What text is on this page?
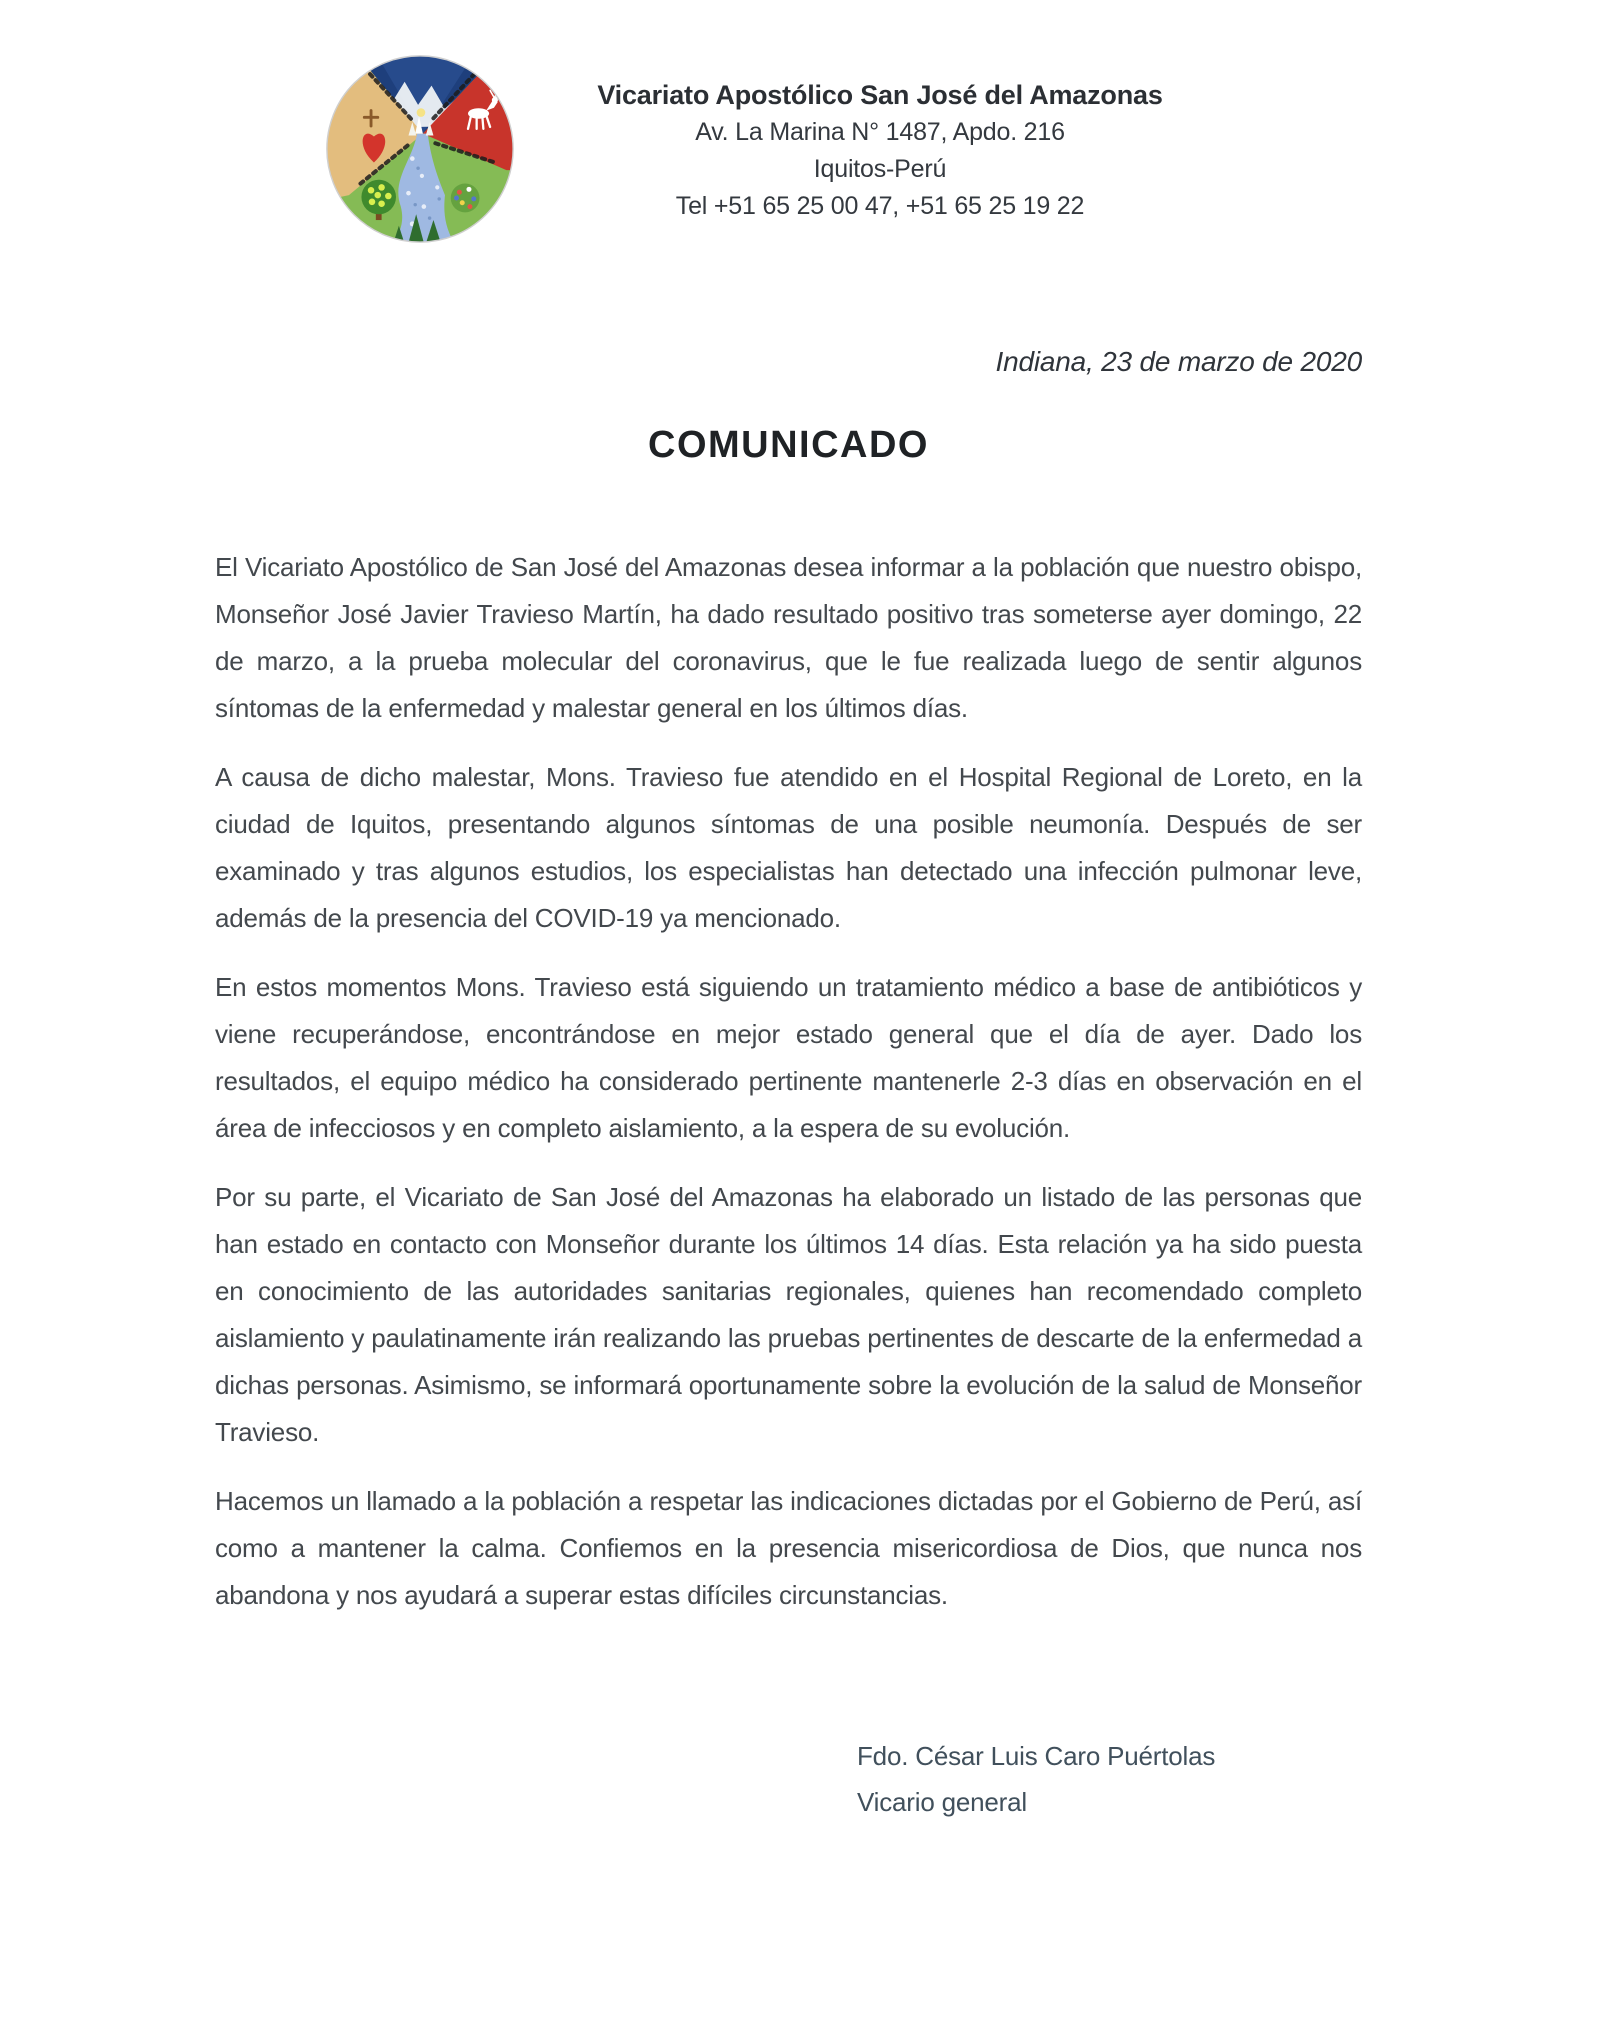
Vicariato Apostólico San José del Amazonas
Av. La Marina N° 1487, Apdo. 216
Iquitos-Perú
Tel +51 65 25 00 47, +51 65 25 19 22
Indiana, 23 de marzo de 2020
COMUNICADO

El Vicariato Apostólico de San José del Amazonas desea informar a la población que nuestro obispo, Monseñor José Javier Travieso Martín, ha dado resultado positivo tras someterse ayer domingo, 22 de marzo, a la prueba molecular del coronavirus, que le fue realizada luego de sentir algunos síntomas de la enfermedad y malestar general en los últimos días.

A causa de dicho malestar, Mons. Travieso fue atendido en el Hospital Regional de Loreto, en la ciudad de Iquitos, presentando algunos síntomas de una posible neumonía. Después de ser examinado y tras algunos estudios, los especialistas han detectado una infección pulmonar leve, además de la presencia del COVID-19 ya mencionado.

En estos momentos Mons. Travieso está siguiendo un tratamiento médico a base de antibióticos y viene recuperándose, encontrándose en mejor estado general que el día de ayer. Dado los resultados, el equipo médico ha considerado pertinente mantenerle 2-3 días en observación en el área de infecciosos y en completo aislamiento, a la espera de su evolución.

Por su parte, el Vicariato de San José del Amazonas ha elaborado un listado de las personas que han estado en contacto con Monseñor durante los últimos 14 días. Esta relación ya ha sido puesta en conocimiento de las autoridades sanitarias regionales, quienes han recomendado completo aislamiento y paulatinamente irán realizando las pruebas pertinentes de descarte de la enfermedad a dichas personas. Asimismo, se informará oportunamente sobre la evolución de la salud de Monseñor Travieso.

Hacemos un llamado a la población a respetar las indicaciones dictadas por el Gobierno de Perú, así como a mantener la calma. Confiemos en la presencia misericordiosa de Dios, que nunca nos abandona y nos ayudará a superar estas difíciles circunstancias.

Fdo. César Luis Caro Puértolas
Vicario general
